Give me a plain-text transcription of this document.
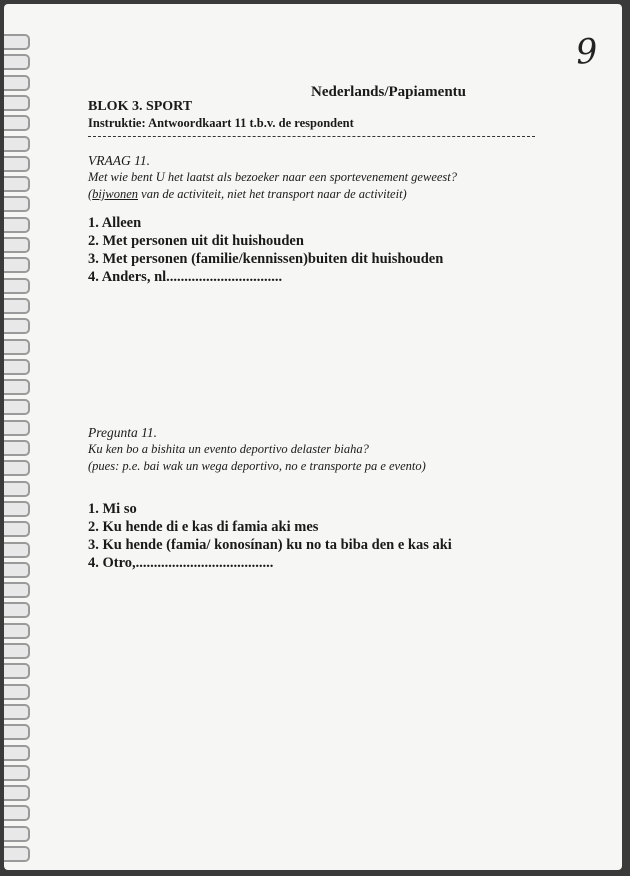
9
Nederlands/Papiamentu
BLOK 3. SPORT
Instruktie: Antwoordkaart 11 t.b.v. de respondent
VRAAG 11.
Met wie bent U het laatst als bezoeker naar een sportevenement geweest?
(bijwonen van de activiteit, niet het transport naar de activiteit)
1. Alleen
2. Met personen uit dit huishouden
3. Met personen (familie/kennissen)buiten dit huishouden
4. Anders, nl................................
Pregunta 11.
Ku ken bo a bishita un evento deportivo delaster biaha?
(pues: p.e. bai wak un wega deportivo, no e transporte pa e evento)
1. Mi so
2. Ku hende di e kas di famia aki mes
3. Ku hende (famia/ konosínan) ku no ta biba den e kas aki
4. Otro,......................................
